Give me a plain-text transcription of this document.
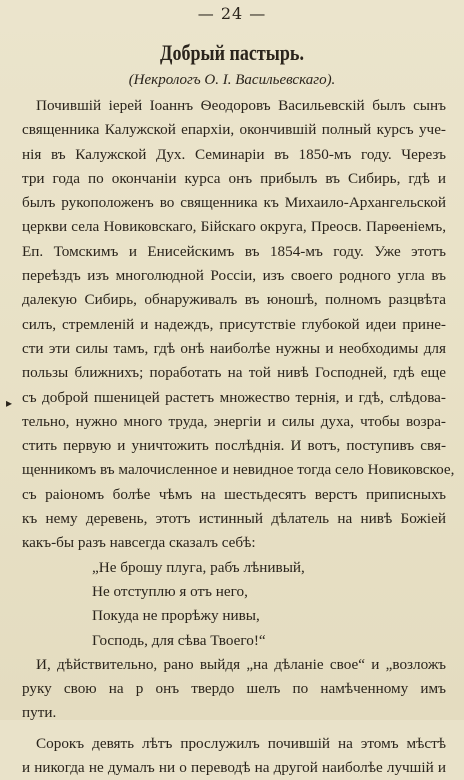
— 24 —
Добрый пастырь.
(Некрологъ О. I. Васильевскаго).
▸
Почившій iерей Iоаннъ Ѳеодоровъ Васильевскій былъ сынъ
священника Калужской епархіи, окончившій полный курсъ уче-
нія въ Калужской Дух. Семинаріи въ 1850-мъ году. Черезъ
три года по окончаніи курса онъ прибылъ въ Сибирь, гдѣ и
былъ рукоположенъ во священника къ Михаило-Архангельской
церкви села Новиковскаго, Бійскаго округа, Преосв. Парѳеніемъ,
Еп. Томскимъ и Енисейскимъ въ 1854-мъ году. Уже этотъ
переѣздъ изъ многолюдной Россіи, изъ своего родного угла въ
далекую Сибирь, обнаруживалъ въ юношѣ, полномъ разцвѣта
силъ, стремленій и надеждъ, присутствіе глубокой идеи прине-
сти эти силы тамъ, гдѣ онѣ наиболѣе нужны и необходимы для
пользы ближнихъ; поработать на той нивѣ Господней, гдѣ еще
съ доброй пшеницей растетъ множество тернія, и гдѣ, слѣдова-
тельно, нужно много труда, энергіи и силы духа, чтобы возра-
стить первую и уничтожить послѣднія. И вотъ, поступивъ свя-
щенникомъ въ малочисленное и невидное тогда село Новиковское,
съ раіономъ болѣе чѣмъ на шестьдесятъ верстъ приписныхъ
къ нему деревень, этотъ истинный дѣлатель на нивѣ Божіей
какъ-бы разъ навсегда сказалъ себѣ:
„Не брошу плуга, рабъ лѣнивый,
Не отступлю я отъ него,
Покуда не прорѣжу нивы,
Господь, для сѣва Твоего!“
И, дѣйствительно, рано выйдя „на дѣланіе свое“ и „возложъ
руку свою на р онъ твердо шелъ по намѣченному имъ
пути.
Сорокъ девять лѣтъ прослужилъ почившій на этомъ мѣстѣ
и никогда не думалъ ни о переводѣ на другой наиболѣе лучшій и
